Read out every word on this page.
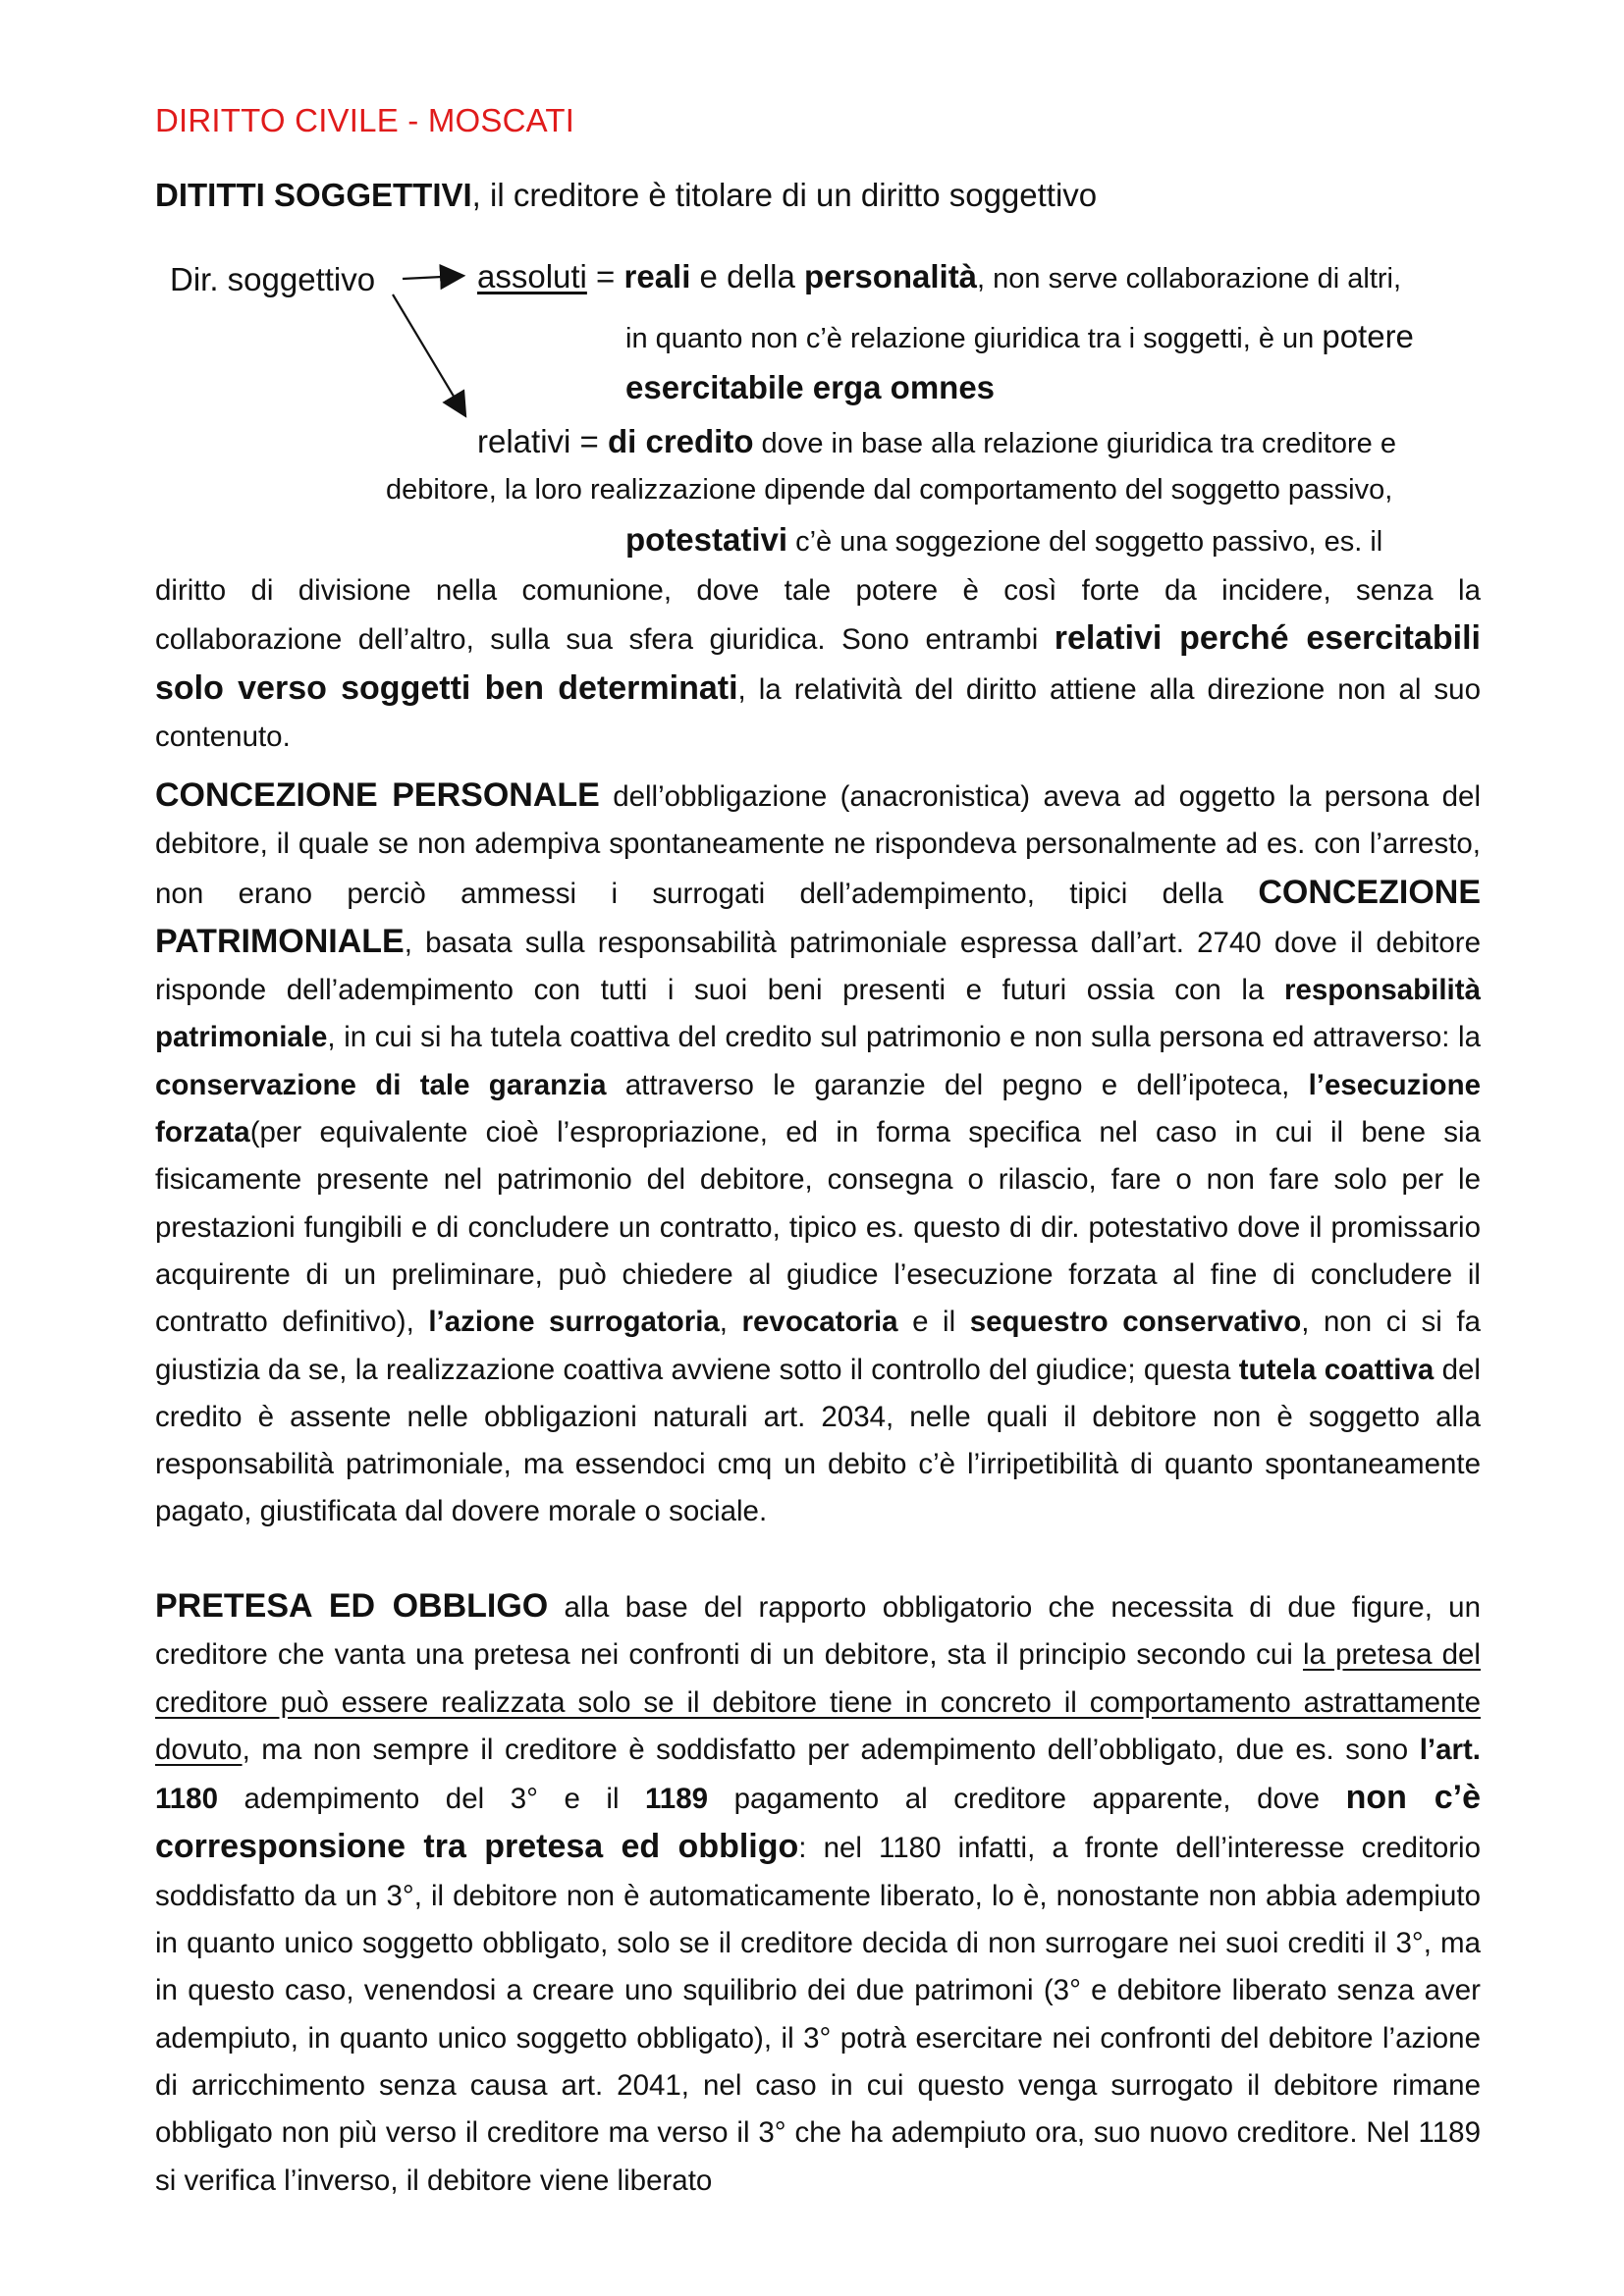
DIRITTO CIVILE - MOSCATI
DITITTI SOGGETTIVI, il creditore è titolare di un diritto soggettivo
Dir. soggettivo	assoluti = reali e della personalità, non serve collaborazione di altri,
in quanto non c’è relazione giuridica tra i soggetti, è un potere
esercitabile erga omnes
relativi = di credito dove in base alla relazione giuridica tra creditore e
debitore, la loro realizzazione dipende dal comportamento del soggetto passivo,
potestativi c’è una soggezione del soggetto passivo, es. il
diritto di divisione nella comunione, dove tale potere è così forte da incidere, senza la
collaborazione dell’altro, sulla sua sfera giuridica. Sono entrambi relativi perché esercitabili
solo verso soggetti ben determinati, la relatività del diritto attiene alla direzione non al suo
contenuto.
CONCEZIONE PERSONALE dell’obbligazione (anacronistica) aveva ad oggetto la persona del debitore, il quale se non adempiva spontaneamente ne rispondeva personalmente ad es. con l’arresto, non erano perciò ammessi i surrogati dell’adempimento, tipici della CONCEZIONE PATRIMONIALE, basata sulla responsabilità patrimoniale espressa dall’art. 2740 dove il debitore risponde dell’adempimento con tutti i suoi beni presenti e futuri ossia con la responsabilità patrimoniale, in cui si ha tutela coattiva del credito sul patrimonio e non sulla persona ed attraverso: la conservazione di tale garanzia attraverso le garanzie del pegno e dell’ipoteca, l’esecuzione forzata(per equivalente cioè l’espropriazione, ed in forma specifica nel caso in cui il bene sia fisicamente presente nel patrimonio del debitore, consegna o rilascio, fare o non fare solo per le prestazioni fungibili e di concludere un contratto, tipico es. questo di dir. potestativo dove il promissario acquirente di un preliminare, può chiedere al giudice l’esecuzione forzata al fine di concludere il contratto definitivo), l’azione surrogatoria, revocatoria e il sequestro conservativo, non ci si fa giustizia da se, la realizzazione coattiva avviene sotto il controllo del giudice; questa tutela coattiva del credito è assente nelle obbligazioni naturali art. 2034, nelle quali il debitore non è soggetto alla responsabilità patrimoniale, ma essendoci cmq un debito c’è l’irripetibilità di quanto spontaneamente pagato, giustificata dal dovere morale o sociale.
PRETESA ED OBBLIGO alla base del rapporto obbligatorio che necessita di due figure, un creditore che vanta una pretesa nei confronti di un debitore, sta il principio secondo cui la pretesa del creditore può essere realizzata solo se il debitore tiene in concreto il comportamento astrattamente dovuto, ma non sempre il creditore è soddisfatto per adempimento dell’obbligato, due es. sono l’art. 1180 adempimento del 3° e il 1189 pagamento al creditore apparente, dove non c’è corresponsione tra pretesa ed obbligo: nel 1180 infatti, a fronte dell’interesse creditorio soddisfatto da un 3°, il debitore non è automaticamente liberato, lo è, nonostante non abbia adempiuto in quanto unico soggetto obbligato, solo se il creditore decida di non surrogare nei suoi crediti il 3°, ma in questo caso, venendosi a creare uno squilibrio dei due patrimoni (3° e debitore liberato senza aver adempiuto, in quanto unico soggetto obbligato), il 3° potrà esercitare nei confronti del debitore l’azione di arricchimento senza causa art. 2041, nel caso in cui questo venga surrogato il debitore rimane obbligato non più verso il creditore ma verso il 3° che ha adempiuto ora, suo nuovo creditore. Nel 1189 si verifica l’inverso, il debitore viene liberato
